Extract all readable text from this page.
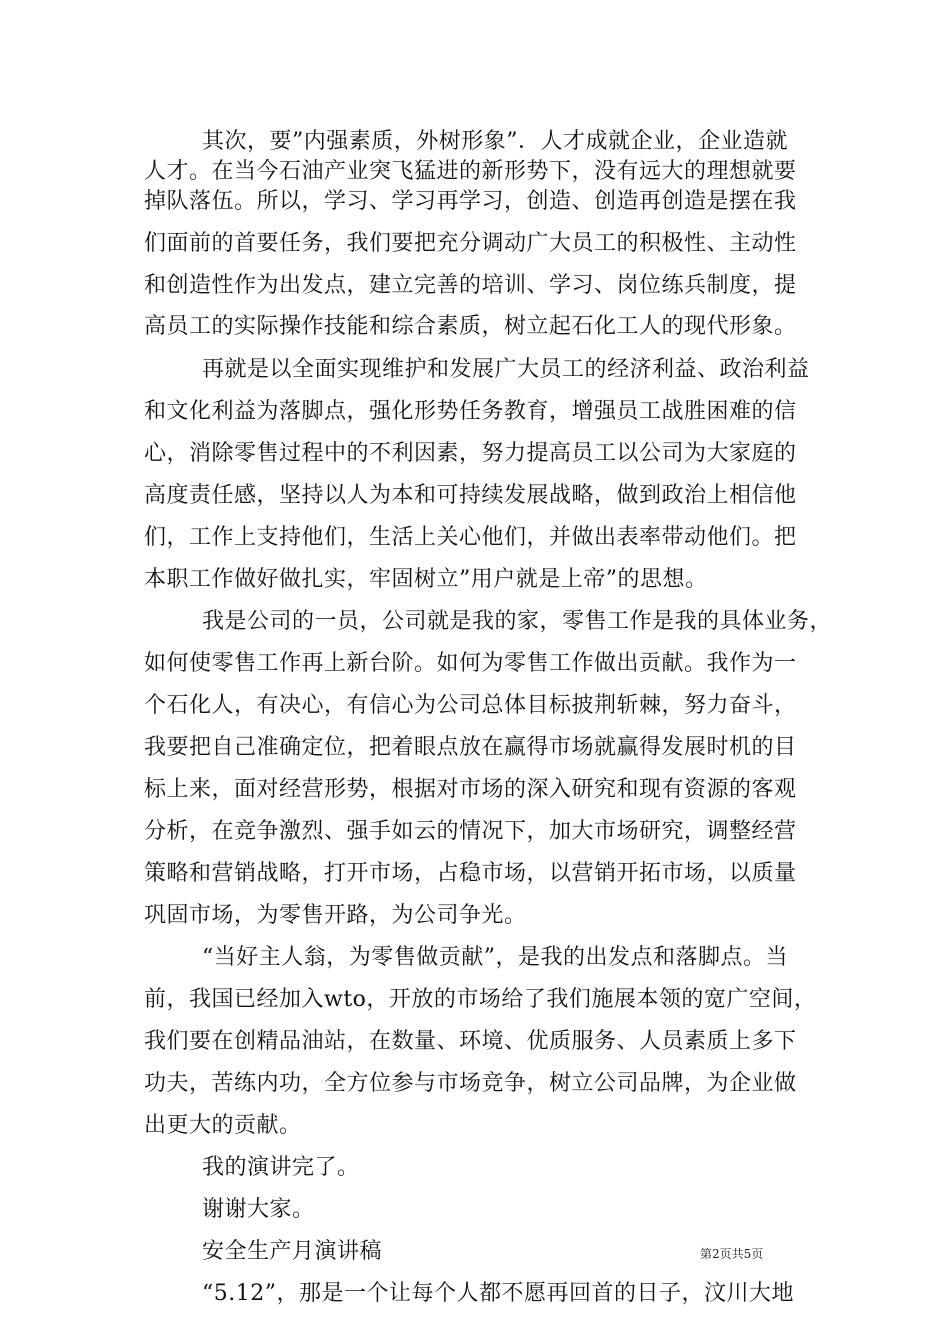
其次，要”内强素质，外树形象”．人才成就企业，企业造就
人才。在当今石油产业突飞猛进的新形势下，没有远大的理想就要
掉队落伍。所以，学习、学习再学习，创造、创造再创造是摆在我
们面前的首要任务，我们要把充分调动广大员工的积极性、主动性
和创造性作为出发点，建立完善的培训、学习、岗位练兵制度，提
高员工的实际操作技能和综合素质，树立起石化工人的现代形象。
再就是以全面实现维护和发展广大员工的经济利益、政治利益
和文化利益为落脚点，强化形势任务教育，增强员工战胜困难的信
心，消除零售过程中的不利因素，努力提高员工以公司为大家庭的
高度责任感，坚持以人为本和可持续发展战略，做到政治上相信他
们，工作上支持他们，生活上关心他们，并做出表率带动他们。把
本职工作做好做扎实，牢固树立”用户就是上帝”的思想。
我是公司的一员，公司就是我的家，零售工作是我的具体业务，
如何使零售工作再上新台阶。如何为零售工作做出贡献。我作为一
个石化人，有决心，有信心为公司总体目标披荆斩棘，努力奋斗，
我要把自己准确定位，把着眼点放在赢得市场就赢得发展时机的目
标上来，面对经营形势，根据对市场的深入研究和现有资源的客观
分析，在竞争激烈、强手如云的情况下，加大市场研究，调整经营
策略和营销战略，打开市场，占稳市场，以营销开拓市场，以质量
巩固市场，为零售开路，为公司争光。
“当好主人翁，为零售做贡献”，是我的出发点和落脚点。当
前，我国已经加入wto，开放的市场给了我们施展本领的宽广空间，
我们要在创精品油站，在数量、环境、优质服务、人员素质上多下
功夫，苦练内功，全方位参与市场竞争，树立公司品牌，为企业做
出更大的贡献。
我的演讲完了。
谢谢大家。
安全生产月演讲稿
“5.12”，那是一个让每个人都不愿再回首的日子，汶川大地
第2页共5页
